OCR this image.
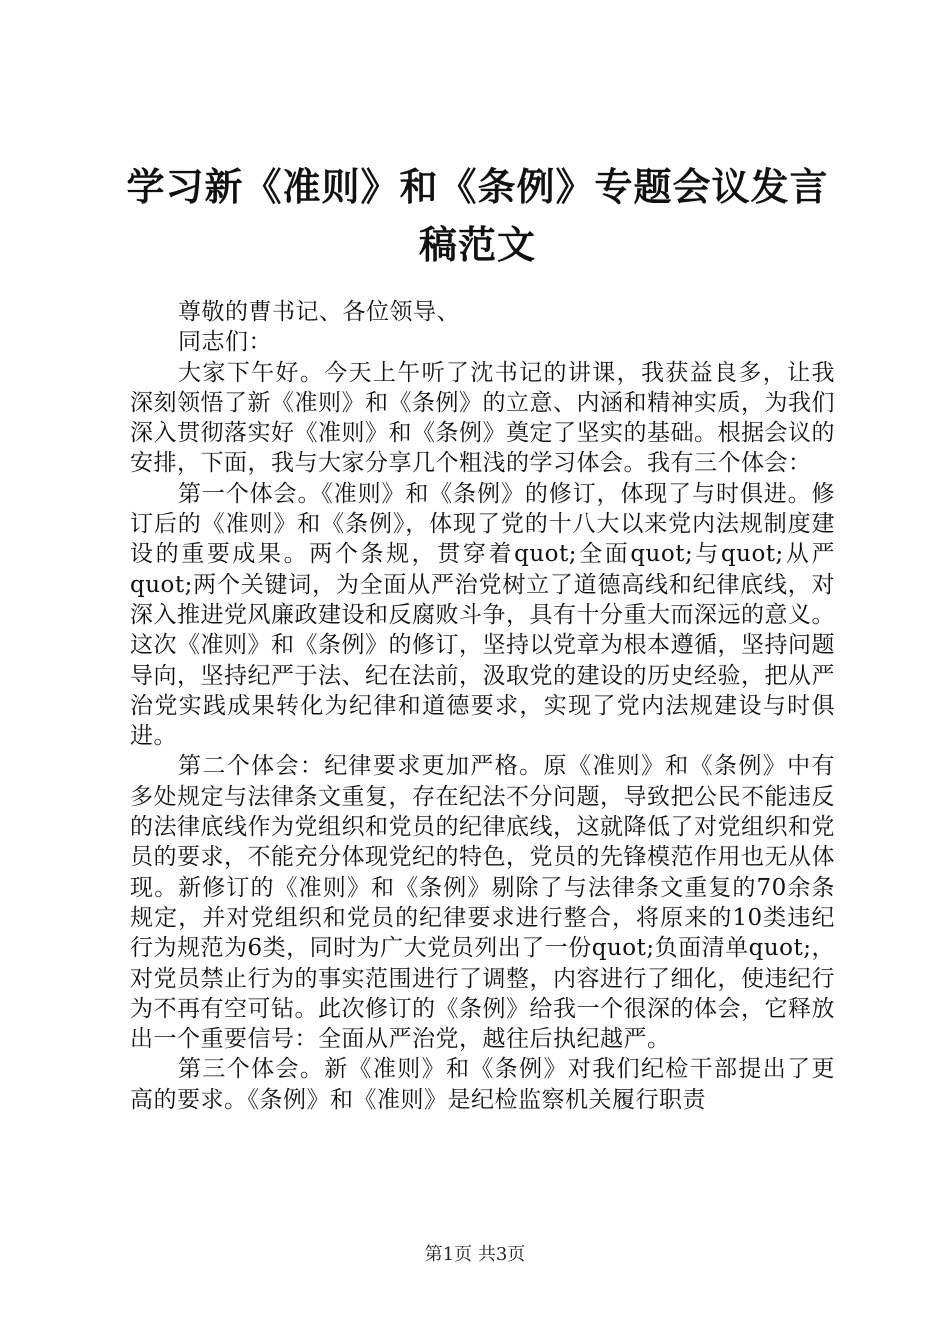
学习新《准则》和《条例》专题会议发言稿范文

尊敬的曹书记、各位领导、

同志们：

大家下午好。今天上午听了沈书记的讲课，我获益良多，让我深刻领悟了新《准则》和《条例》的立意、内涵和精神实质，为我们深入贯彻落实好《准则》和《条例》奠定了坚实的基础。根据会议的安排，下面，我与大家分享几个粗浅的学习体会。我有三个体会：

第一个体会。《准则》和《条例》的修订，体现了与时俱进。修订后的《准则》和《条例》，体现了党的十八大以来党内法规制度建设的重要成果。两个条规，贯穿着quot;全面quot;与quot;从严quot;两个关键词，为全面从严治党树立了道德高线和纪律底线，对深入推进党风廉政建设和反腐败斗争，具有十分重大而深远的意义。这次《准则》和《条例》的修订，坚持以党章为根本遵循，坚持问题导向，坚持纪严于法、纪在法前，汲取党的建设的历史经验，把从严治党实践成果转化为纪律和道德要求，实现了党内法规建设与时俱进。

第二个体会：纪律要求更加严格。原《准则》和《条例》中有多处规定与法律条文重复，存在纪法不分问题，导致把公民不能违反的法律底线作为党组织和党员的纪律底线，这就降低了对党组织和党员的要求，不能充分体现党纪的特色，党员的先锋模范作用也无从体现。新修订的《准则》和《条例》剔除了与法律条文重复的70余条规定，并对党组织和党员的纪律要求进行整合，将原来的10类违纪行为规范为6类，同时为广大党员列出了一份quot;负面清单quot;，对党员禁止行为的事实范围进行了调整，内容进行了细化，使违纪行为不再有空可钻。此次修订的《条例》给我一个很深的体会，它释放出一个重要信号：全面从严治党，越往后执纪越严。

第三个体会。新《准则》和《条例》对我们纪检干部提出了更高的要求。《条例》和《准则》是纪检监察机关履行职责

第1页 共3页
